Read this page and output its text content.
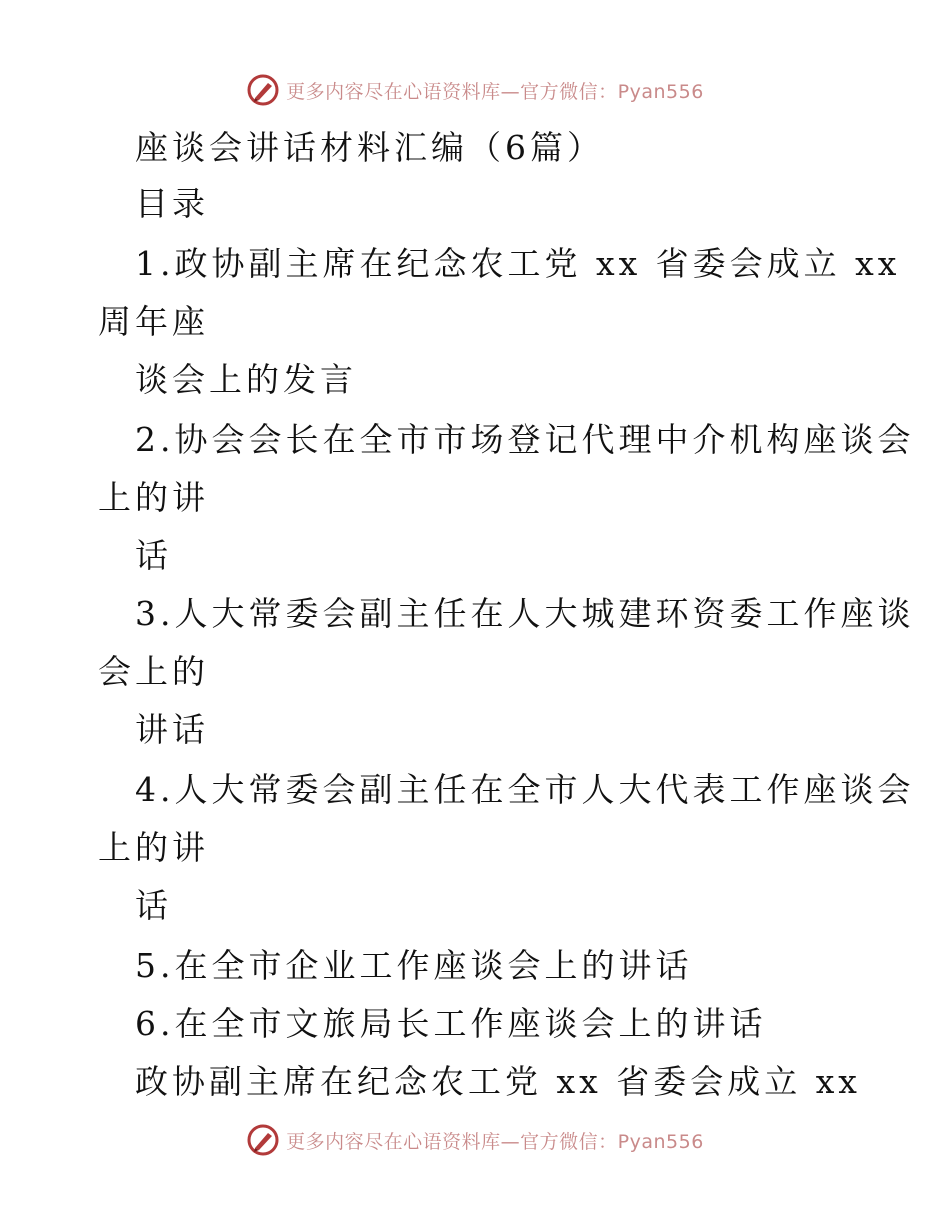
更多内容尽在心语资料库—官方微信：Pyan556
座谈会讲话材料汇编（6篇）
目录
1.政协副主席在纪念农工党 xx 省委会成立 xx
周年座
谈会上的发言
2.协会会长在全市市场登记代理中介机构座谈会
上的讲
话
3.人大常委会副主任在人大城建环资委工作座谈
会上的
讲话
4.人大常委会副主任在全市人大代表工作座谈会
上的讲
话
5.在全市企业工作座谈会上的讲话
6.在全市文旅局长工作座谈会上的讲话
政协副主席在纪念农工党 xx 省委会成立 xx
更多内容尽在心语资料库—官方微信：Pyan556
